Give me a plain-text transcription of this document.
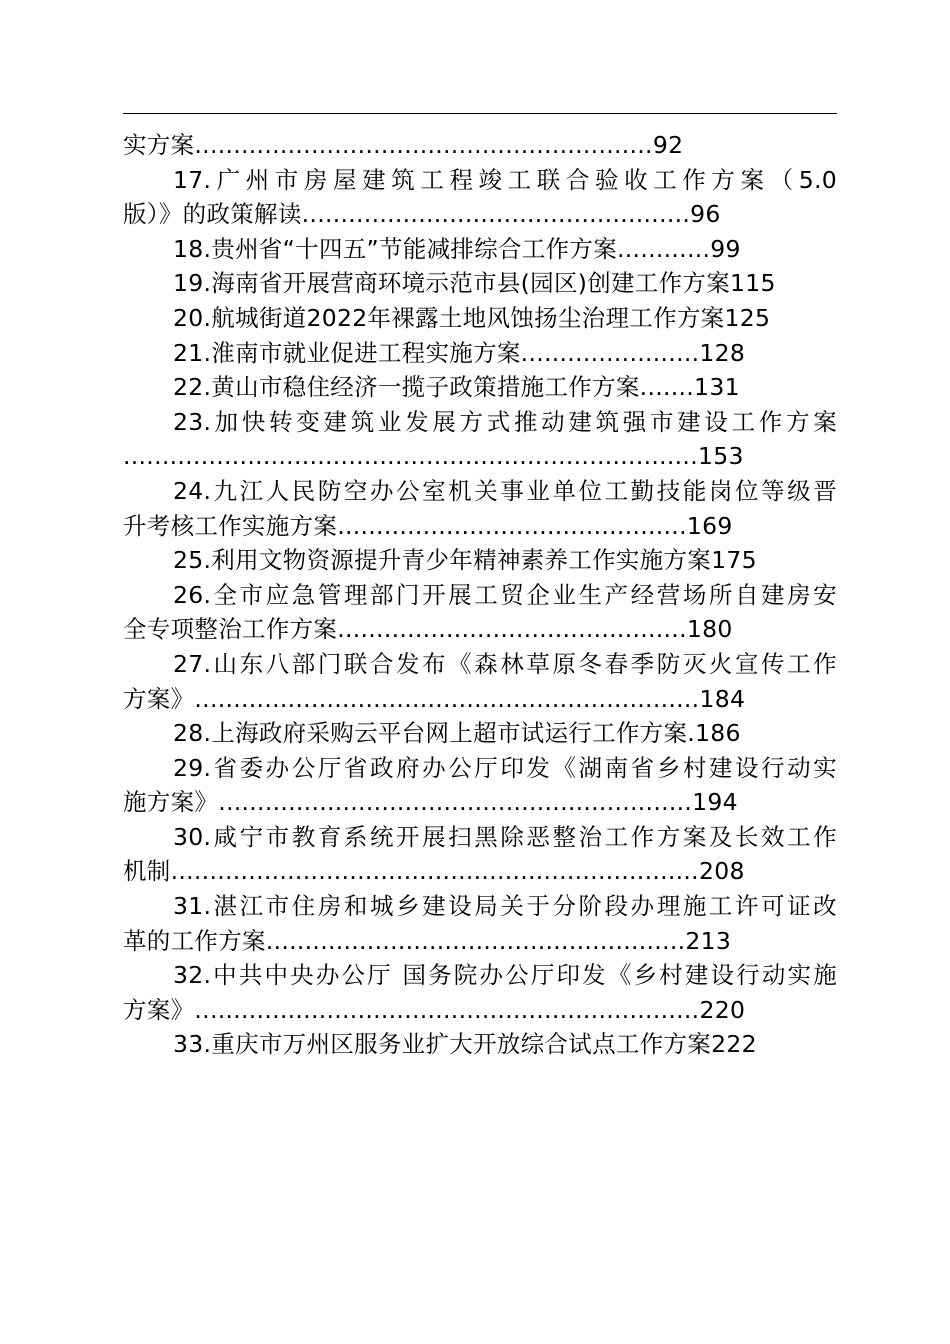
实方案...........................................................92
17.广州市房屋建筑工程竣工联合验收工作方案（5.0
版）》的政策解读..................................................96
18.贵州省“十四五”节能减排综合工作方案............99
19.海南省开展营商环境示范市县(园区)创建工作方案115
20.航城街道2022年裸露土地风蚀扬尘治理工作方案125
21.淮南市就业促进工程实施方案.......................128
22.黄山市稳住经济一揽子政策措施工作方案.......131
23.加快转变建筑业发展方式推动建筑强市建设工作方案
..........................................................................153
24.九江人民防空办公室机关事业单位工勤技能岗位等级晋
升考核工作实施方案.............................................169
25.利用文物资源提升青少年精神素养工作实施方案175
26.全市应急管理部门开展工贸企业生产经营场所自建房安
全专项整治工作方案.............................................180
27.山东八部门联合发布《森林草原冬春季防灭火宣传工作
方案》.................................................................184
28.上海政府采购云平台网上超市试运行工作方案.186
29.省委办公厅省政府办公厅印发《湖南省乡村建设行动实
施方案》.............................................................194
30.咸宁市教育系统开展扫黑除恶整治工作方案及长效工作
机制....................................................................208
31.湛江市住房和城乡建设局关于分阶段办理施工许可证改
革的工作方案......................................................213
32.中共中央办公厅 国务院办公厅印发《乡村建设行动实施
方案》.................................................................220
33.重庆市万州区服务业扩大开放综合试点工作方案222
